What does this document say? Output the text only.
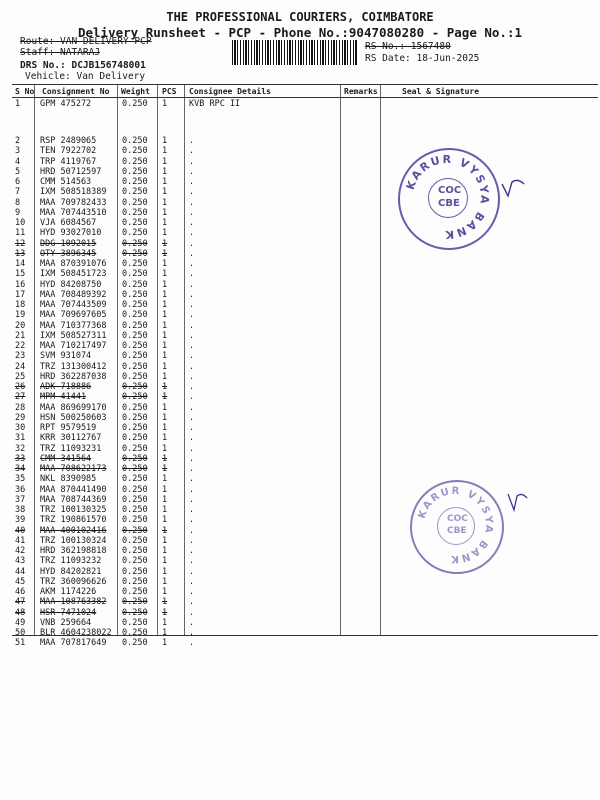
THE PROFESSIONAL COURIERS, COIMBATORE
Delivery Runsheet - PCP - Phone No.:9047080280 - Page No.:1
Route: VAN DELIVERY PCP
Staff: NATARAJ
DRS No.: DCJB156748001
Vehicle: Van Delivery
RS No.: 1567480
RS Date: 18-Jun-2025
S No Consignment No Weight PCS Consignee Details	Remarks	Seal & Signature
1 GPM 475272	0.250 1	KVB RPC II
2 RSP 2489065	0.250 1	.
3 TEN 7922702	0.250 1	.
4 TRP 4119767	0.250 1	.
5 HRD 50712597 0.250 1	.
6 CMM 514563	0.250 1	.
7 IXM 508518389 0.250 1	.
8 MAA 709782433 0.250 1	.
9 MAA 707443510 0.250 1	.
10 VJA 6084567	0.250 1	.
11 HYD 93027010 0.250 1	.
12 DDG 1092015	0.250 1	.
13 OTY 3896345	0.250 1	.
14 MAA 870391076 0.250 1	.
15 IXM 508451723 0.250 1	.
16 HYD 84208750 0.250 1	.
17 MAA 708489392 0.250 1	.
18 MAA 707443509 0.250 1	.
19 MAA 709697605 0.250 1	.
20 MAA 710377368 0.250 1	.
21 IXM 508527311 0.250 1	.
22 MAA 710217497 0.250 1	.
23 SVM 931074	0.250 1	.
24 TRZ 131300412 0.250 1	.
25 HRD 362287038 0.250 1	.
26 ADK 718886	0.250 1	.
27 MPM 41441	0.250 1	.
28 MAA 869699170 0.250 1	.
29 HSN 500250603 0.250 1	.
30 RPT 9579519	0.250 1	.
31 KRR 30112767 0.250 1	.
32 TRZ 11093231 0.250 1	.
33 CMM 341564	0.250 1	.
34 MAA 708622173 0.250 1	.
35 NKL 8390985	0.250 1	.
36 MAA 870441490 0.250 1	.
37 MAA 708744369 0.250 1	.
38 TRZ 100130325 0.250 1	.
39 TRZ 190861570 0.250 1	.
40 MAA 400102416 0.250 1	.
41 TRZ 100130324 0.250 1	.
42 HRD 362198818 0.250 1	.
43 TRZ 11093232 0.250 1	.
44 HYD 84202821 0.250 1	.
45 TRZ 360096626 0.250 1	.
46 AKM 1174226	0.250 1	.
47 MAA 108763382 0.250 1	.
48 HSR 7471024	0.250 1	.
49 VNB 259664	0.250 1	.
50 BLR 4604238022 0.250 1	.
51 MAA 707817649 0.250 1	.
KARUR VYSYA BANK
COC
CBE
KARUR VYSYA BANK
COC
CBE
